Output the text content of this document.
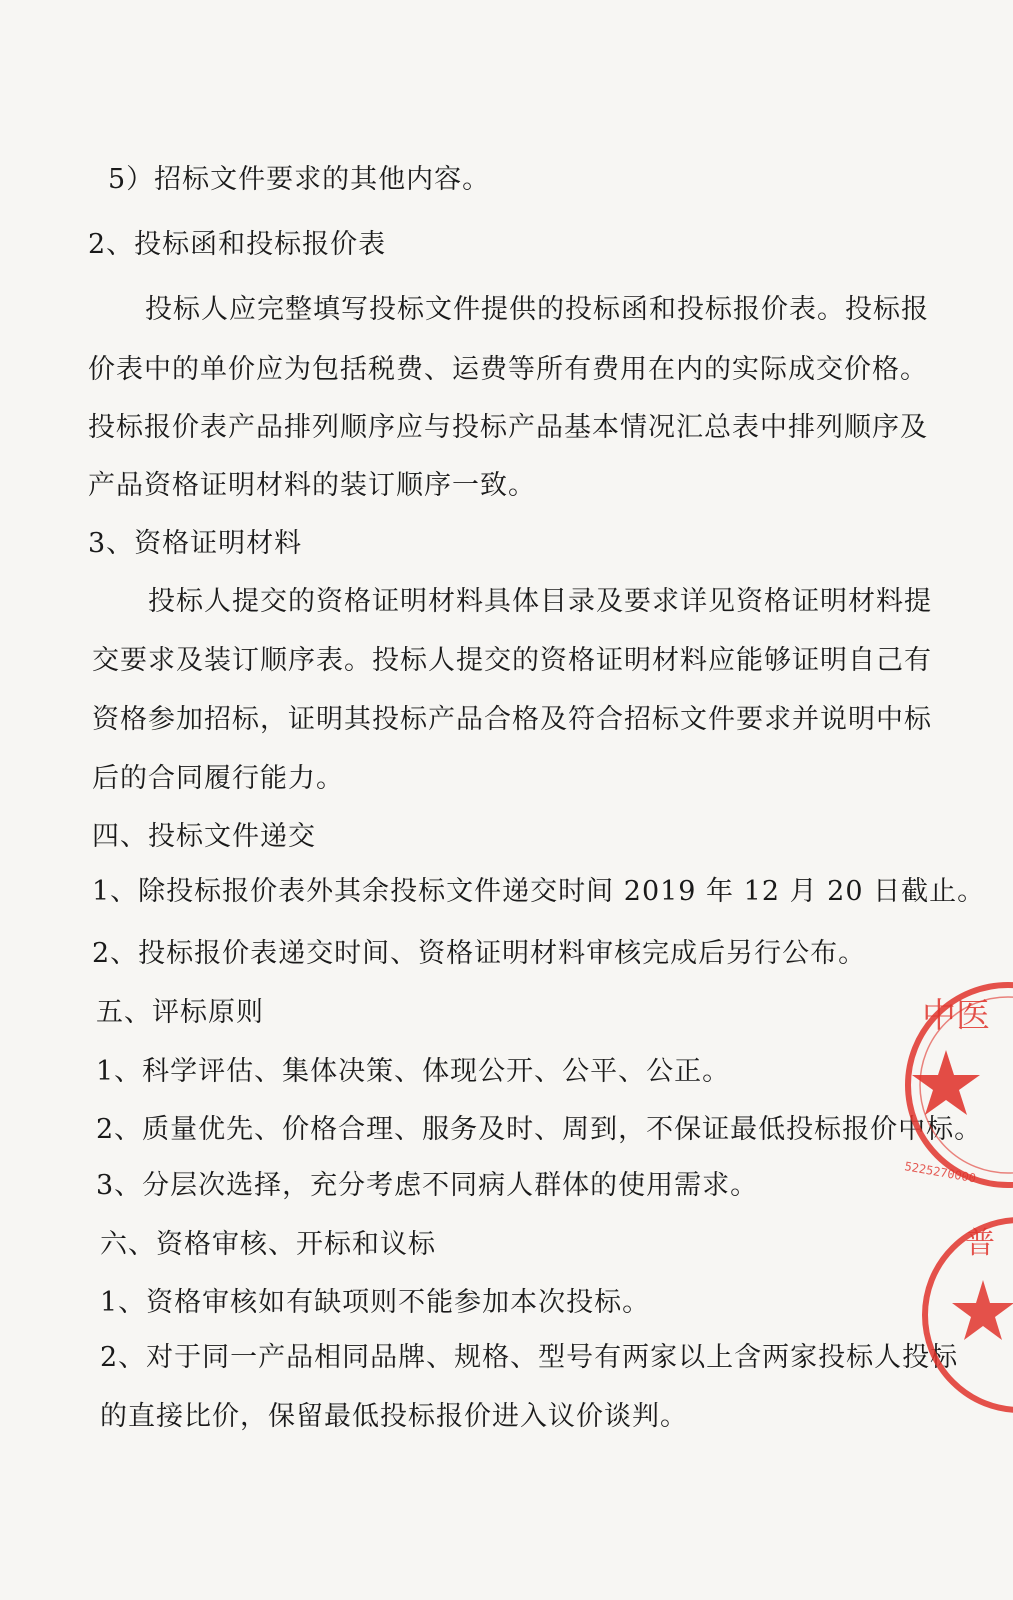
5）招标文件要求的其他内容。
2、投标函和投标报价表
投标人应完整填写投标文件提供的投标函和投标报价表。投标报
价表中的单价应为包括税费、运费等所有费用在内的实际成交价格。
投标报价表产品排列顺序应与投标产品基本情况汇总表中排列顺序及
产品资格证明材料的装订顺序一致。
3、资格证明材料
投标人提交的资格证明材料具体目录及要求详见资格证明材料提
交要求及装订顺序表。投标人提交的资格证明材料应能够证明自己有
资格参加招标，证明其投标产品合格及符合招标文件要求并说明中标
后的合同履行能力。
四、投标文件递交
1、除投标报价表外其余投标文件递交时间 2019 年 12 月 20 日截止。
2、投标报价表递交时间、资格证明材料审核完成后另行公布。
五、评标原则
1、科学评估、集体决策、体现公开、公平、公正。
2、质量优先、价格合理、服务及时、周到，不保证最低投标报价中标。
3、分层次选择，充分考虑不同病人群体的使用需求。
六、资格审核、开标和议标
1、资格审核如有缺项则不能参加本次投标。
2、对于同一产品相同品牌、规格、型号有两家以上含两家投标人投标
的直接比价，保留最低投标报价进入议价谈判。
中医
5225270000
普
